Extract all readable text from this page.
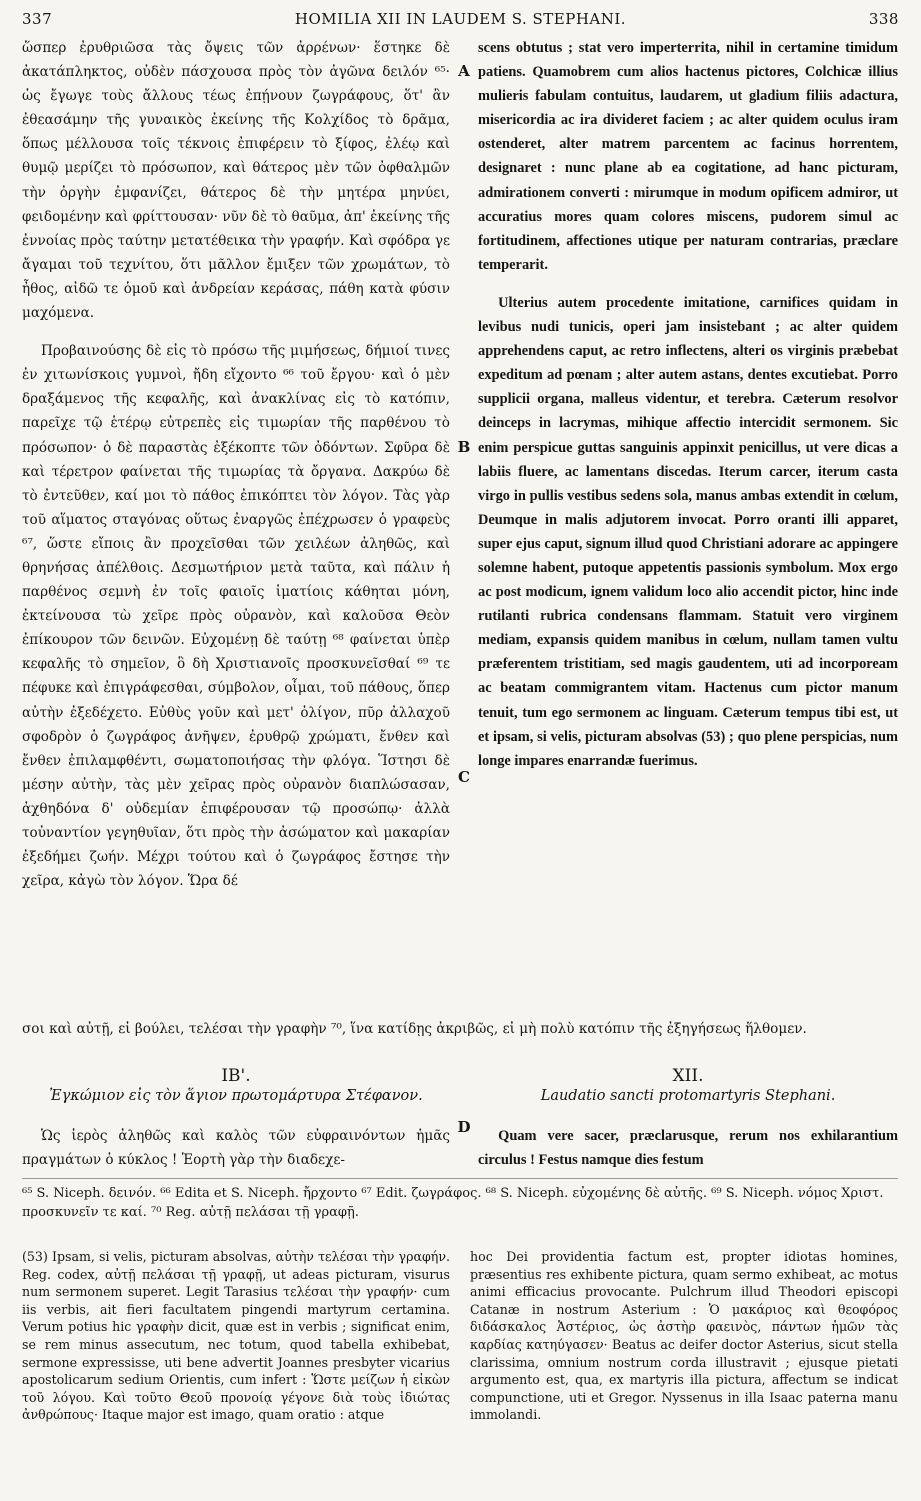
337	HOMILIA XII IN LAUDEM S. STEPHANI.	338

ὥσπερ ἐρυθριῶσα τὰς ὄψεις τῶν ἀρρένων· ἕστηκε δὲ ἀκατάπληκτος, οὐδὲν πάσχουσα πρὸς τὸν ἀγῶνα δειλόν ⁶⁵· ὡς ἔγωγε τοὺς ἄλλους τέως ἐπῄνουν ζωγράφους, ὅτ' ἂν ἐθεασάμην τῆς γυναικὸς ἐκείνης τῆς Κολχίδος τὸ δρᾶμα, ὅπως μέλλουσα τοῖς τέκνοις ἐπιφέρειν τὸ ξίφος, ἐλέῳ καὶ θυμῷ μερίζει τὸ πρόσωπον, καὶ θάτερος μὲν τῶν ὀφθαλμῶν τὴν ὀργὴν ἐμφανίζει, θάτερος δὲ τὴν μητέρα μηνύει, φειδομένην καὶ φρίττουσαν· νῦν δὲ τὸ θαῦμα, ἀπ' ἐκείνης τῆς ἐννοίας πρὸς ταύτην μετατέθεικα τὴν γραφήν. Καὶ σφόδρα γε ἄγαμαι τοῦ τεχνίτου, ὅτι μᾶλλον ἔμιξεν τῶν χρωμάτων, τὸ ἦθος, αἰδῶ τε ὁμοῦ καὶ ἀνδρείαν κεράσας, πάθη κατὰ φύσιν μαχόμενα.

Προβαινούσης δὲ εἰς τὸ πρόσω τῆς μιμήσεως, δήμιοί τινες ἐν χιτωνίσκοις γυμνοὶ, ἤδη εἴχοντο ⁶⁶ τοῦ ἔργου· καὶ ὁ μὲν δραξάμενος τῆς κεφαλῆς, καὶ ἀνακλίνας εἰς τὸ κατόπιν, παρεῖχε τῷ ἑτέρῳ εὐτρεπὲς εἰς τιμωρίαν τῆς παρθένου τὸ πρόσωπον· ὁ δὲ παραστὰς ἐξέκοπτε τῶν ὀδόντων. Σφῦρα δὲ καὶ τέρετρον φαίνεται τῆς τιμωρίας τὰ ὄργανα. Δακρύω δὲ τὸ ἐντεῦθεν, καί μοι τὸ πάθος ἐπικόπτει τὸν λόγον. Τὰς γὰρ τοῦ αἵματος σταγόνας οὕτως ἐναργῶς ἐπέχρωσεν ὁ γραφεὺς ⁶⁷, ὥστε εἴποις ἂν προχεῖσθαι τῶν χειλέων ἀληθῶς, καὶ θρηνήσας ἀπέλθοις. Δεσμωτήριον μετὰ ταῦτα, καὶ πάλιν ἡ παρθένος σεμνὴ ἐν τοῖς φαιοῖς ἱματίοις κάθηται μόνη, ἐκτείνουσα τὼ χεῖρε πρὸς οὐρανὸν, καὶ καλοῦσα Θεὸν ἐπίκουρον τῶν δεινῶν. Εὐχομένῃ δὲ ταύτῃ ⁶⁸ φαίνεται ὑπὲρ κεφαλῆς τὸ σημεῖον, ὃ δὴ Χριστιανοῖς προσκυνεῖσθαί ⁶⁹ τε πέφυκε καὶ ἐπιγράφεσθαι, σύμβολον, οἶμαι, τοῦ πάθους, ὅπερ αὐτὴν ἐξεδέχετο. Εὐθὺς γοῦν καὶ μετ' ὀλίγον, πῦρ ἀλλαχοῦ σφοδρὸν ὁ ζωγράφος ἀνῆψεν, ἐρυθρῷ χρώματι, ἔνθεν καὶ ἔνθεν ἐπιλαμφθέντι, σωματοποιήσας τὴν φλόγα. Ἵστησι δὲ μέσην αὐτὴν, τὰς μὲν χεῖρας πρὸς οὐρανὸν διαπλώσασαν, ἀχθηδόνα δ' οὐδεμίαν ἐπιφέρουσαν τῷ προσώπῳ· ἀλλὰ τοὐναντίον γεγηθυῖαν, ὅτι πρὸς τὴν ἀσώματον καὶ μακαρίαν ἐξεδήμει ζωήν. Μέχρι τούτου καὶ ὁ ζωγράφος ἔστησε τὴν χεῖρα, κἀγὼ τὸν λόγον. Ὥρα δέ

scens obtutus ; stat vero imperterrita, nihil in certamine timidum patiens. Quamobrem cum alios hactenus pictores, Colchicæ illius mulieris fabulam contuitus, laudarem, ut gladium filiis adactura, misericordia ac ira divideret faciem ; ac alter quidem oculus iram ostenderet, alter matrem parcentem ac facinus horrentem, designaret : nunc plane ab ea cogitatione, ad hanc picturam, admirationem converti : mirumque in modum opificem admiror, ut accuratius mores quam colores miscens, pudorem simul ac fortitudinem, affectiones utique per naturam contrarias, præclare temperarit.

Ulterius autem procedente imitatione, carnifices quidam in levibus nudi tunicis, operi jam insistebant ; ac alter quidem apprehendens caput, ac retro inflectens, alteri os virginis præbebat expeditum ad pœnam ; alter autem astans, dentes excutiebat. Porro supplicii organa, malleus videntur, et terebra. Cæterum resolvor deinceps in lacrymas, mihique affectio intercidit sermonem. Sic enim perspicue guttas sanguinis appinxit penicillus, ut vere dicas a labiis fluere, ac lamentans discedas. Iterum carcer, iterum casta virgo in pullis vestibus sedens sola, manus ambas extendit in cœlum, Deumque in malis adjutorem invocat. Porro oranti illi apparet, super ejus caput, signum illud quod Christiani adorare ac appingere solemne habent, putoque appetentis passionis symbolum. Mox ergo ac post modicum, ignem validum loco alio accendit pictor, hinc inde rutilanti rubrica condensans flammam. Statuit vero virginem mediam, expansis quidem manibus in cœlum, nullam tamen vultu præferentem tristitiam, sed magis gaudentem, uti ad incorpoream ac beatam commigrantem vitam. Hactenus cum pictor manum tenuit, tum ego sermonem ac linguam. Cæterum tempus tibi est, ut et ipsam, si velis, picturam absolvas (53) ; quo plene perspicias, num longe impares enarrandæ fuerimus.

A
B
C
D
σοι καὶ αὐτῇ, εἰ βούλει, τελέσαι τὴν γραφὴν ⁷⁰, ἵνα κατίδῃς ἀκριβῶς, εἰ μὴ πολὺ κατόπιν τῆς ἐξηγήσεως ἥλθομεν.
ΙΒ'.
Ἐγκώμιον εἰς τὸν ἅγιον πρωτομάρτυρα Στέφανον.
XII.
Laudatio sancti protomartyris Stephani.

Ὡς ἱερὸς ἀληθῶς καὶ καλὸς τῶν εὐφραινόντων ἡμᾶς πραγμάτων ὁ κύκλος ! Ἑορτὴ γὰρ τὴν διαδεχε-

Quam vere sacer, præclarusque, rerum nos exhilarantium circulus ! Festus namque dies festum

⁶⁵ S. Niceph. δεινόν. ⁶⁶ Edita et S. Niceph. ἤρχοντο ⁶⁷ Edit. ζωγράφος. ⁶⁸ S. Niceph. εὐχομένης δὲ αὐτῆς. ⁶⁹ S. Niceph. νόμος Χριστ. προσκυνεῖν τε καί. ⁷⁰ Reg. αὐτῇ πελάσαι τῇ γραφῇ.

(53) Ipsam, si velis, picturam absolvas, αὐτὴν τελέσαι τὴν γραφήν. Reg. codex, αὐτῇ πελάσαι τῇ γραφῇ, ut adeas picturam, visurus num sermonem superet. Legit Tarasius τελέσαι τὴν γραφήν· cum iis verbis, ait fieri facultatem pingendi martyrum certamina. Verum potius hic γραφὴν dicit, quæ est in verbis ; significat enim, se rem minus assecutum, nec totum, quod tabella exhibebat, sermone expressisse, uti bene advertit Joannes presbyter vicarius apostolicarum sedium Orientis, cum infert : Ὥστε μείζων ἡ εἰκὼν τοῦ λόγου. Καὶ τοῦτο Θεοῦ προνοίᾳ γέγονε διὰ τοὺς ἰδιώτας ἀνθρώπους· Itaque major est imago, quam oratio : atque

hoc Dei providentia factum est, propter idiotas homines, præsentius res exhibente pictura, quam sermo exhibeat, ac motus animi efficacius provocante. Pulchrum illud Theodori episcopi Catanæ in nostrum Asterium : Ὁ μακάριος καὶ θεοφόρος διδάσκαλος Ἀστέριος, ὡς ἀστὴρ φαεινὸς, πάντων ἡμῶν τὰς καρδίας κατηύγασεν· Beatus ac deifer doctor Asterius, sicut stella clarissima, omnium nostrum corda illustravit ; ejusque pietati argumento est, qua, ex martyris illa pictura, affectum se indicat compunctione, uti et Gregor. Nyssenus in illa Isaac paterna manu immolandi.
